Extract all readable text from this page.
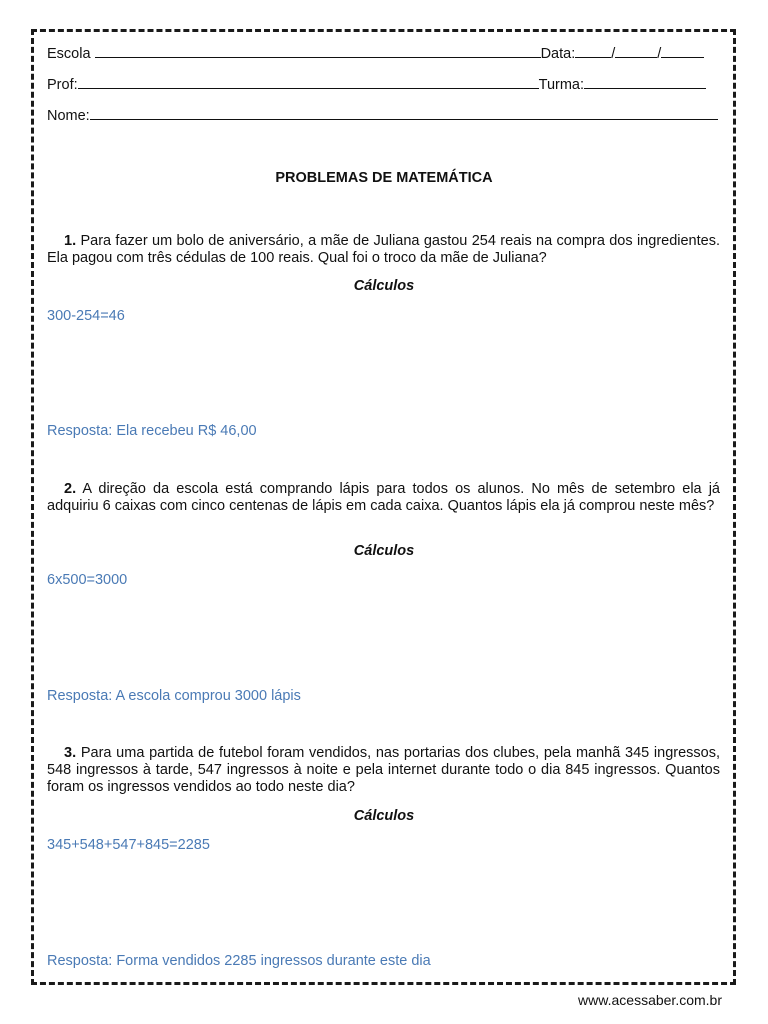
Escola	Data: /	/
Prof:	Turma:
Nome:
PROBLEMAS DE MATEMÁTICA
1. Para fazer um bolo de aniversário, a mãe de Juliana gastou 254 reais na compra dos ingredientes. Ela pagou com três cédulas de 100 reais. Qual foi o troco da mãe de Juliana?
Cálculos
300-254=46
Resposta: Ela recebeu R$ 46,00
2. A direção da escola está comprando lápis para todos os alunos. No mês de setembro ela já adquiriu 6 caixas com cinco centenas de lápis em cada caixa. Quantos lápis ela já comprou neste mês?
Cálculos
6x500=3000
Resposta: A escola comprou 3000 lápis
3. Para uma partida de futebol foram vendidos, nas portarias dos clubes, pela manhã 345 ingressos, 548 ingressos à tarde, 547 ingressos à noite e pela internet durante todo o dia 845 ingressos. Quantos foram os ingressos vendidos ao todo neste dia?
Cálculos
345+548+547+845=2285
Resposta: Forma vendidos 2285 ingressos durante este dia
www.acessaber.com.br
